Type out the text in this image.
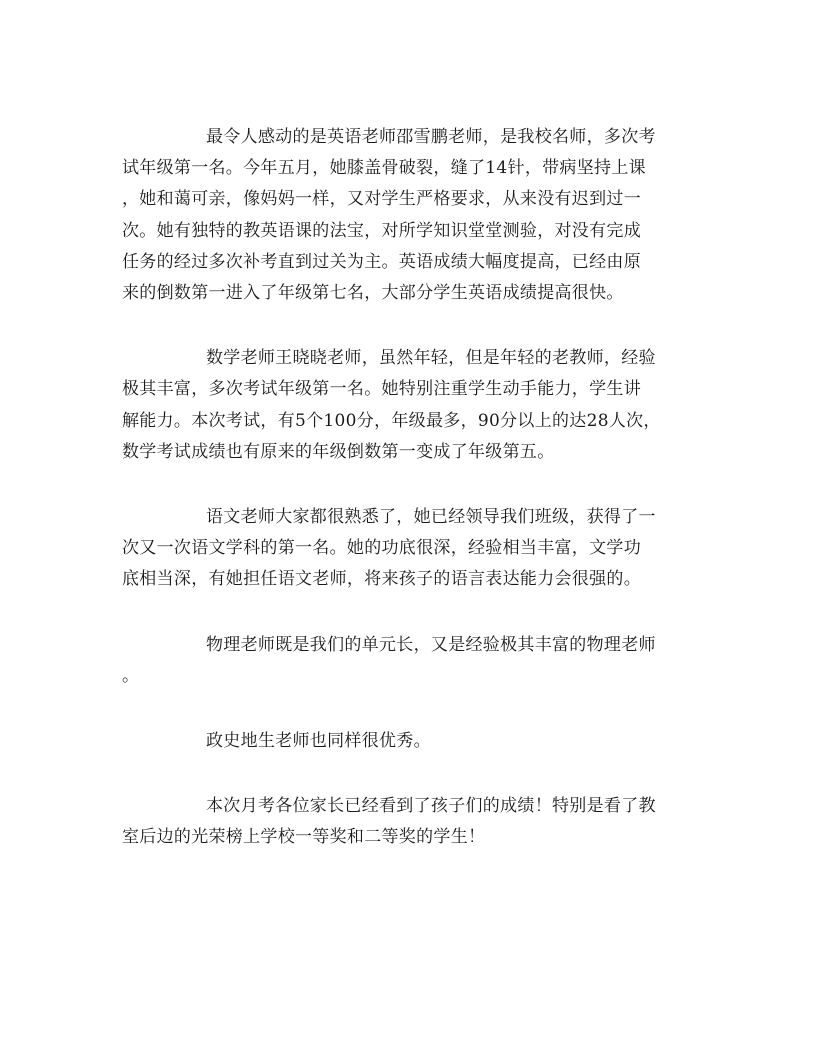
最令人感动的是英语老师邵雪鹏老师，是我校名师，多次考
试年级第一名。今年五月，她膝盖骨破裂，缝了14针，带病坚持上课
，她和蔼可亲，像妈妈一样，又对学生严格要求，从来没有迟到过一
次。她有独特的教英语课的法宝，对所学知识堂堂测验，对没有完成
任务的经过多次补考直到过关为主。英语成绩大幅度提高，已经由原
来的倒数第一进入了年级第七名，大部分学生英语成绩提高很快。

数学老师王晓晓老师，虽然年轻，但是年轻的老教师，经验
极其丰富，多次考试年级第一名。她特别注重学生动手能力，学生讲
解能力。本次考试，有5个100分，年级最多，90分以上的达28人次，
数学考试成绩也有原来的年级倒数第一变成了年级第五。

语文老师大家都很熟悉了，她已经领导我们班级，获得了一
次又一次语文学科的第一名。她的功底很深，经验相当丰富，文学功
底相当深，有她担任语文老师，将来孩子的语言表达能力会很强的。

物理老师既是我们的单元长，又是经验极其丰富的物理老师
。

政史地生老师也同样很优秀。

本次月考各位家长已经看到了孩子们的成绩！特别是看了教
室后边的光荣榜上学校一等奖和二等奖的学生！
